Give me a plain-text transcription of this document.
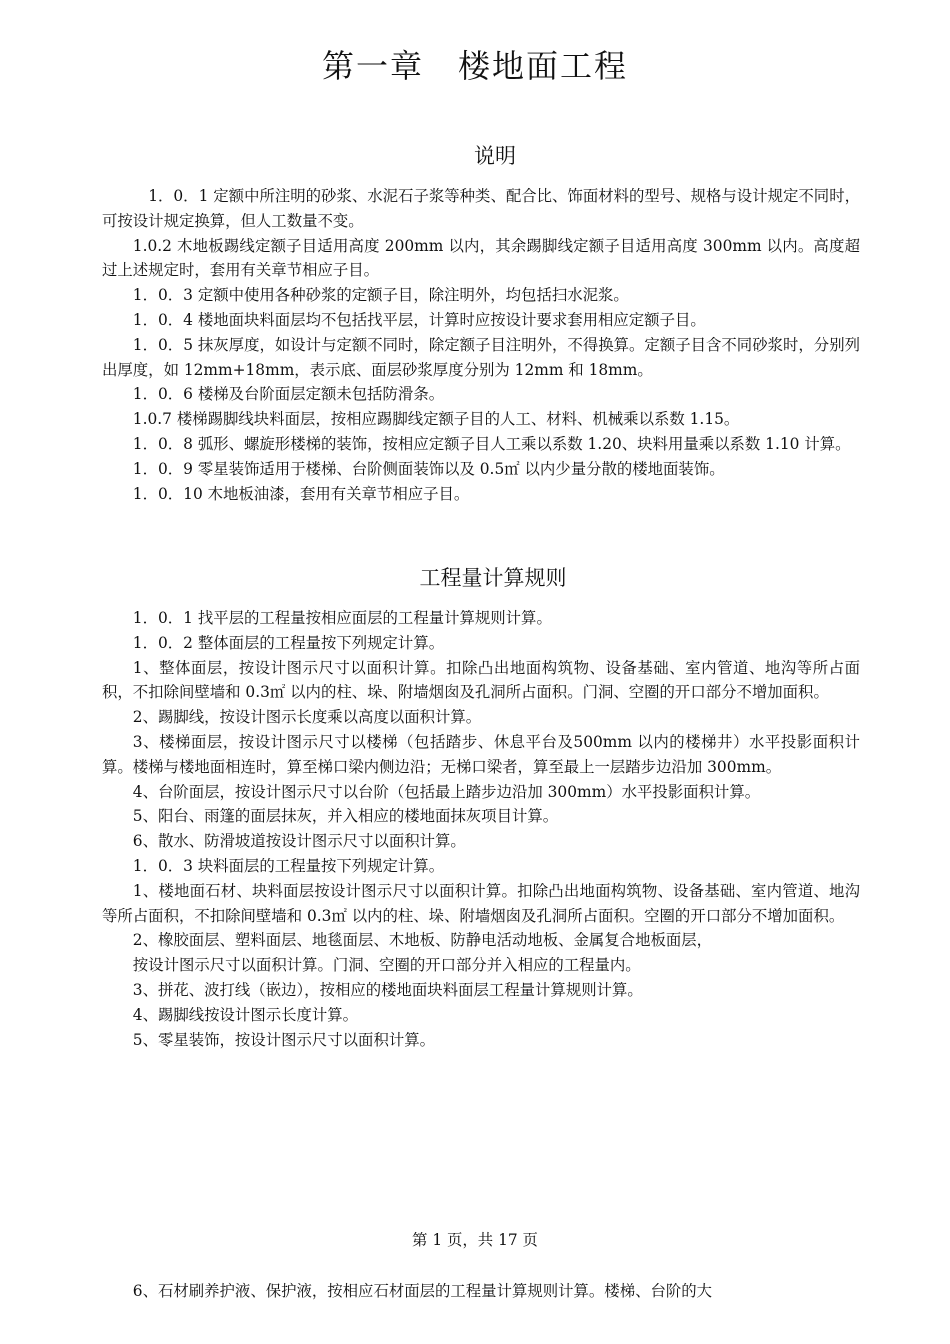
第一章　楼地面工程
说明

1．0．1 定额中所注明的砂浆、水泥石子浆等种类、配合比、饰面材料的型号、规格与设计规定不同时，可按设计规定换算，但人工数量不变。

1.0.2 木地板踢线定额子目适用高度 200mm 以内，其余踢脚线定额子目适用高度 300mm 以内。高度超过上述规定时，套用有关章节相应子目。

1．0．3 定额中使用各种砂浆的定额子目，除注明外，均包括扫水泥浆。

1．0．4 楼地面块料面层均不包括找平层，计算时应按设计要求套用相应定额子目。

1．0．5 抹灰厚度，如设计与定额不同时，除定额子目注明外，不得换算。定额子目含不同砂浆时，分别列出厚度，如 12mm+18mm，表示底、面层砂浆厚度分别为 12mm 和 18mm。

1．0．6 楼梯及台阶面层定额未包括防滑条。

1.0.7 楼梯踢脚线块料面层，按相应踢脚线定额子目的人工、材料、机械乘以系数 1.15。

1．0．8 弧形、螺旋形楼梯的装饰，按相应定额子目人工乘以系数 1.20、块料用量乘以系数 1.10 计算。

1．0．9 零星装饰适用于楼梯、台阶侧面装饰以及 0.5㎡ 以内少量分散的楼地面装饰。

1．0．10 木地板油漆，套用有关章节相应子目。

工程量计算规则

1．0．1 找平层的工程量按相应面层的工程量计算规则计算。

1．0．2 整体面层的工程量按下列规定计算。

1、整体面层，按设计图示尺寸以面积计算。扣除凸出地面构筑物、设备基础、室内管道、地沟等所占面积，不扣除间壁墙和 0.3㎡ 以内的柱、垛、附墙烟囱及孔洞所占面积。门洞、空圈的开口部分不增加面积。

2、踢脚线，按设计图示长度乘以高度以面积计算。

3、楼梯面层，按设计图示尺寸以楼梯（包括踏步、休息平台及500mm 以内的楼梯井）水平投影面积计算。楼梯与楼地面相连时，算至梯口梁内侧边沿；无梯口梁者，算至最上一层踏步边沿加 300mm。

4、台阶面层，按设计图示尺寸以台阶（包括最上踏步边沿加 300mm）水平投影面积计算。

5、阳台、雨篷的面层抹灰，并入相应的楼地面抹灰项目计算。

6、散水、防滑坡道按设计图示尺寸以面积计算。

1．0．3 块料面层的工程量按下列规定计算。

1、楼地面石材、块料面层按设计图示尺寸以面积计算。扣除凸出地面构筑物、设备基础、室内管道、地沟等所占面积，不扣除间壁墙和 0.3㎡ 以内的柱、垛、附墙烟囱及孔洞所占面积。空圈的开口部分不增加面积。

2、橡胶面层、塑料面层、地毯面层、木地板、防静电活动地板、金属复合地板面层，

按设计图示尺寸以面积计算。门洞、空圈的开口部分并入相应的工程量内。

3、拼花、波打线（嵌边），按相应的楼地面块料面层工程量计算规则计算。

4、踢脚线按设计图示长度计算。

5、零星装饰，按设计图示尺寸以面积计算。

第 1 页，共 17 页
6、石材刷养护液、保护液，按相应石材面层的工程量计算规则计算。楼梯、台阶的大
